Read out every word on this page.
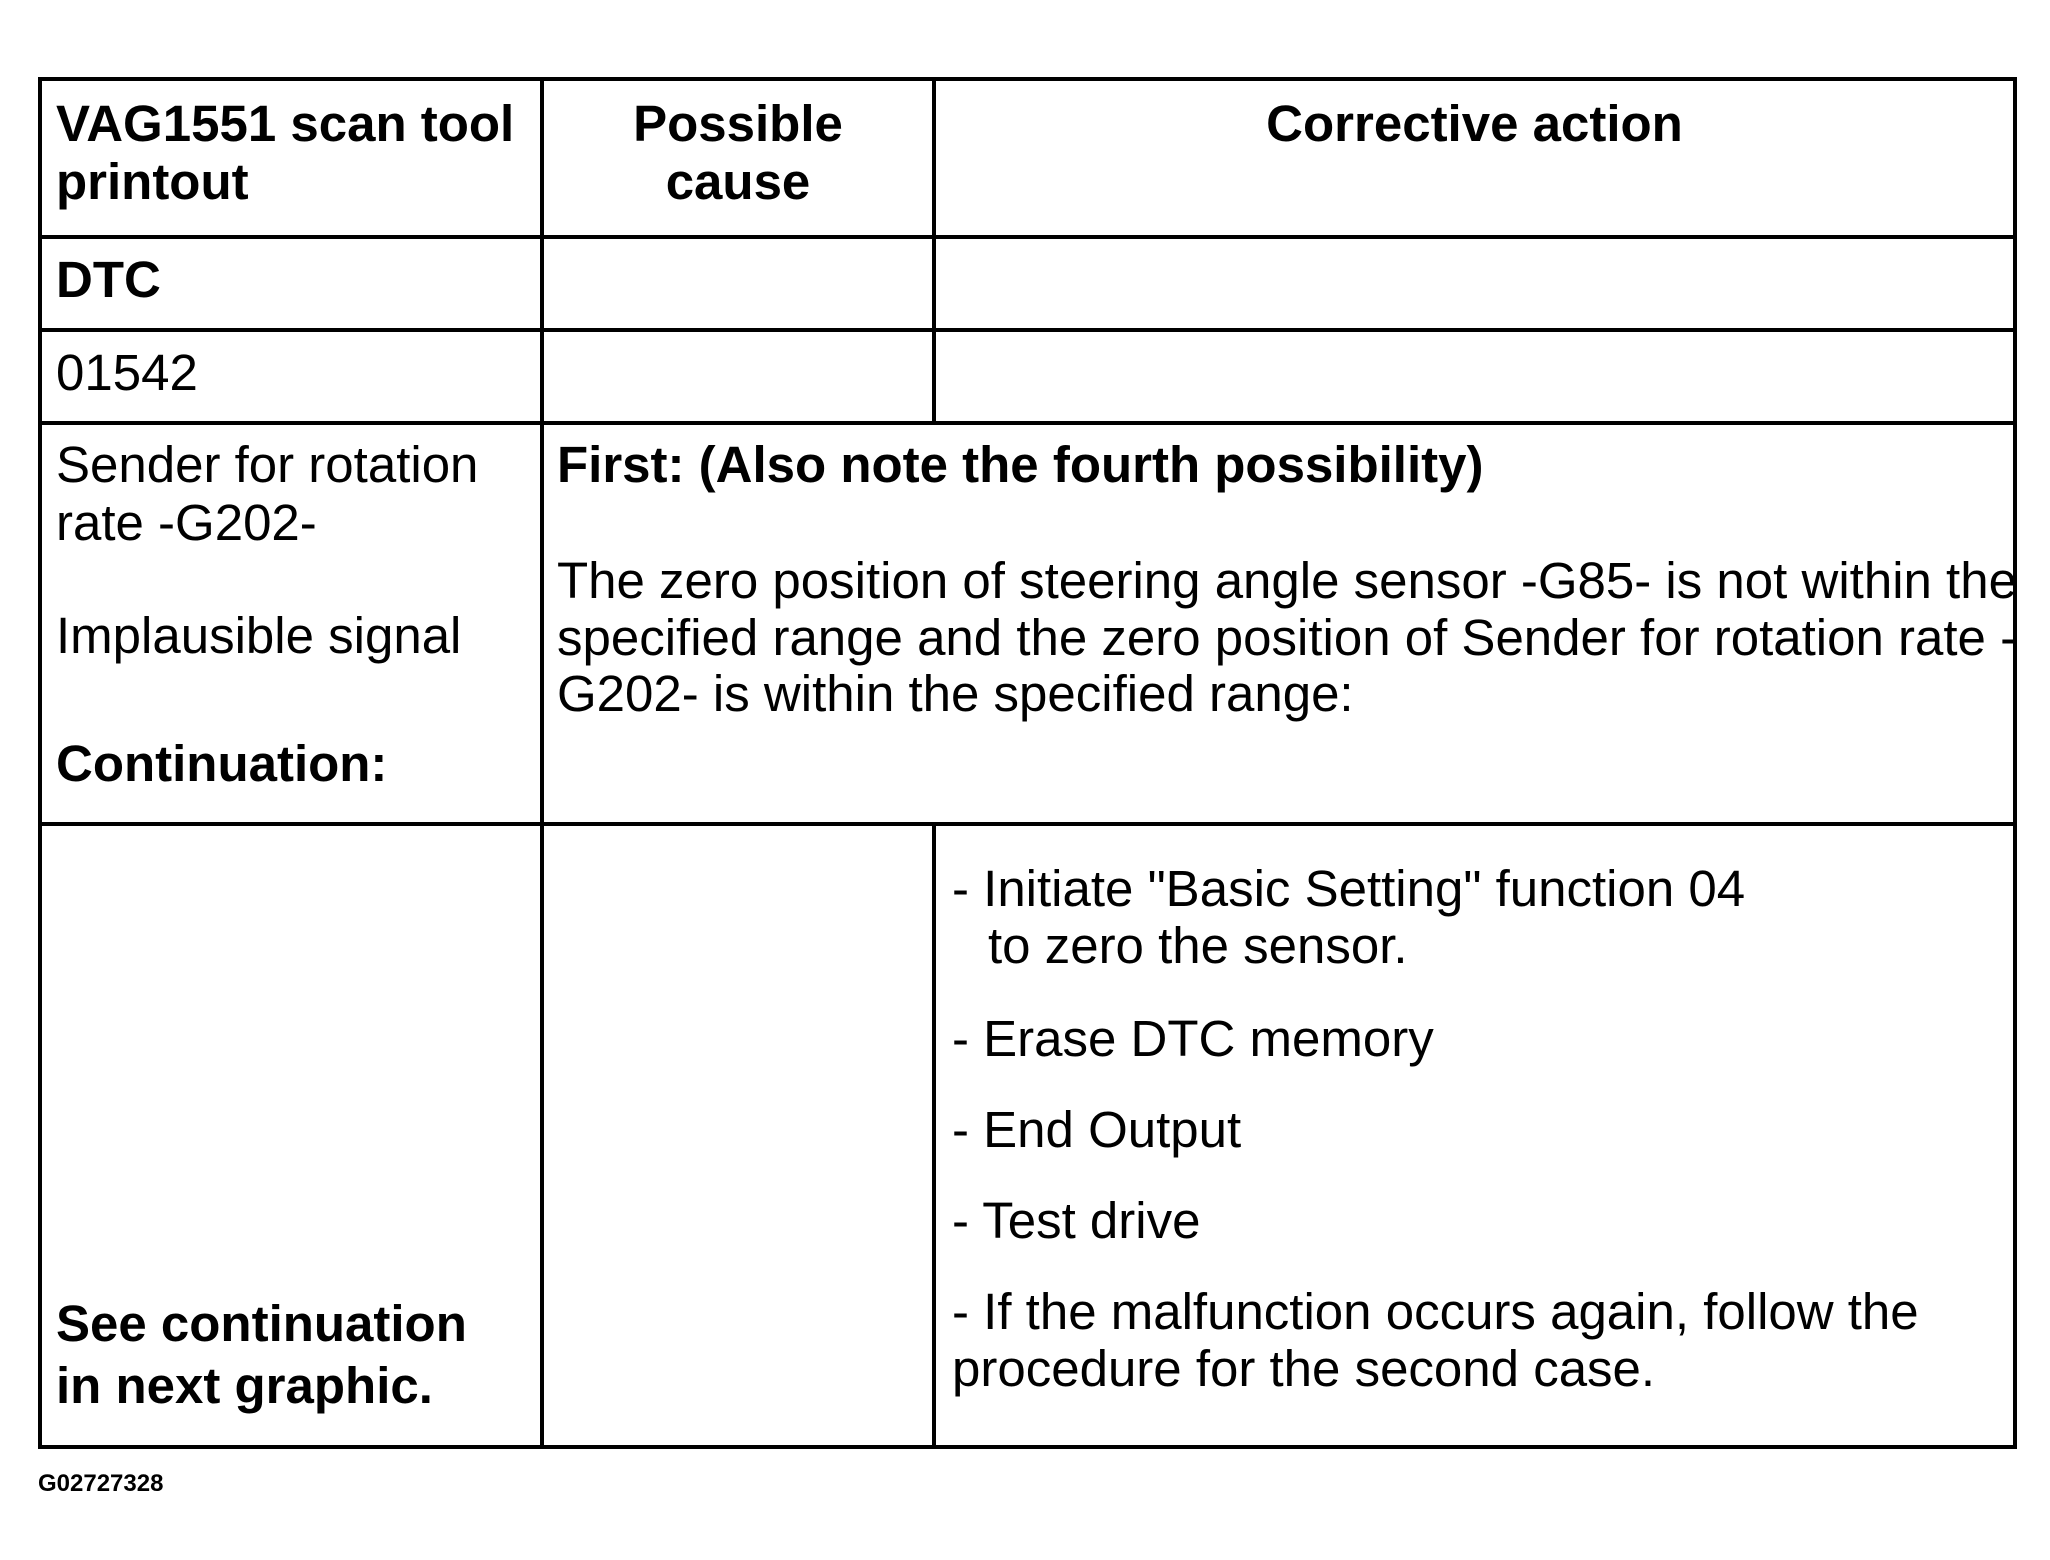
VAG1551 scan tool
printout
Possible
cause
Corrective action
DTC
01542
Sender for rotation
rate -G202-
Implausible signal
Continuation:
First: (Also note the fourth possibility)
The zero position of steering angle sensor -G85- is not within the
specified range and the zero position of Sender for rotation rate -
G202- is within the specified range:
- Initiate "Basic Setting" function 04
to zero the sensor.
- Erase DTC memory
- End Output
- Test drive
- If the malfunction occurs again, follow the
procedure for the second case.
See continuation
in next graphic.
G02727328
